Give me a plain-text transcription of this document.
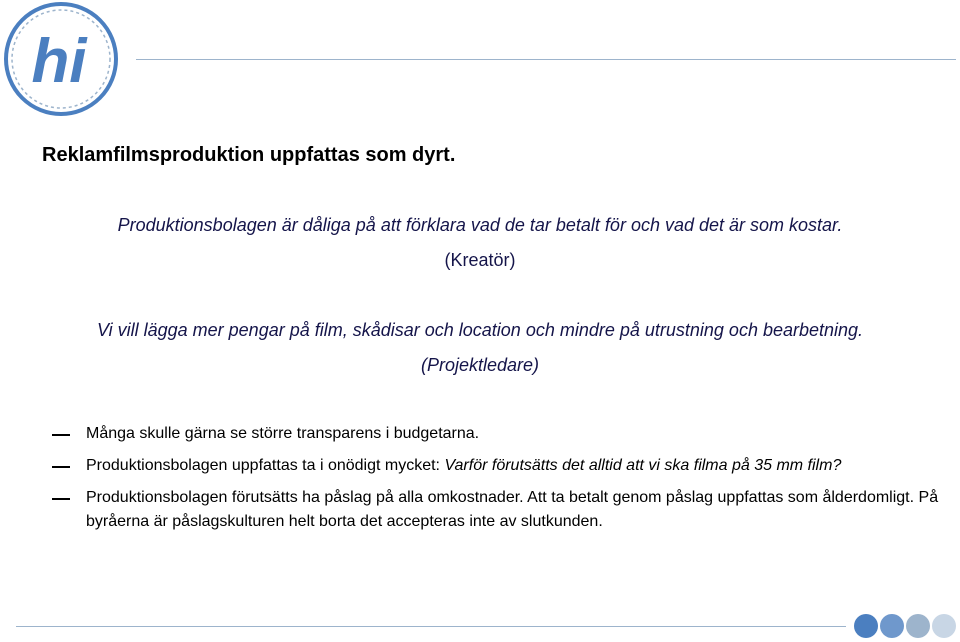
hi
Reklamfilmsproduktion uppfattas som dyrt.
Produktionsbolagen är dåliga på att förklara vad de tar betalt för och vad det är som kostar.
(Kreatör)
Vi vill lägga mer pengar på film, skådisar och location och mindre på utrustning och bearbetning.
(Projektledare)
Många skulle gärna se större transparens i budgetarna.
Produktionsbolagen uppfattas ta i onödigt mycket: Varför förutsätts det alltid att vi ska filma på 35 mm film?
Produktionsbolagen förutsätts ha påslag på alla omkostnader. Att ta betalt genom påslag uppfattas som ålderdomligt. På byråerna är påslagskulturen helt borta det accepteras inte av slutkunden.
